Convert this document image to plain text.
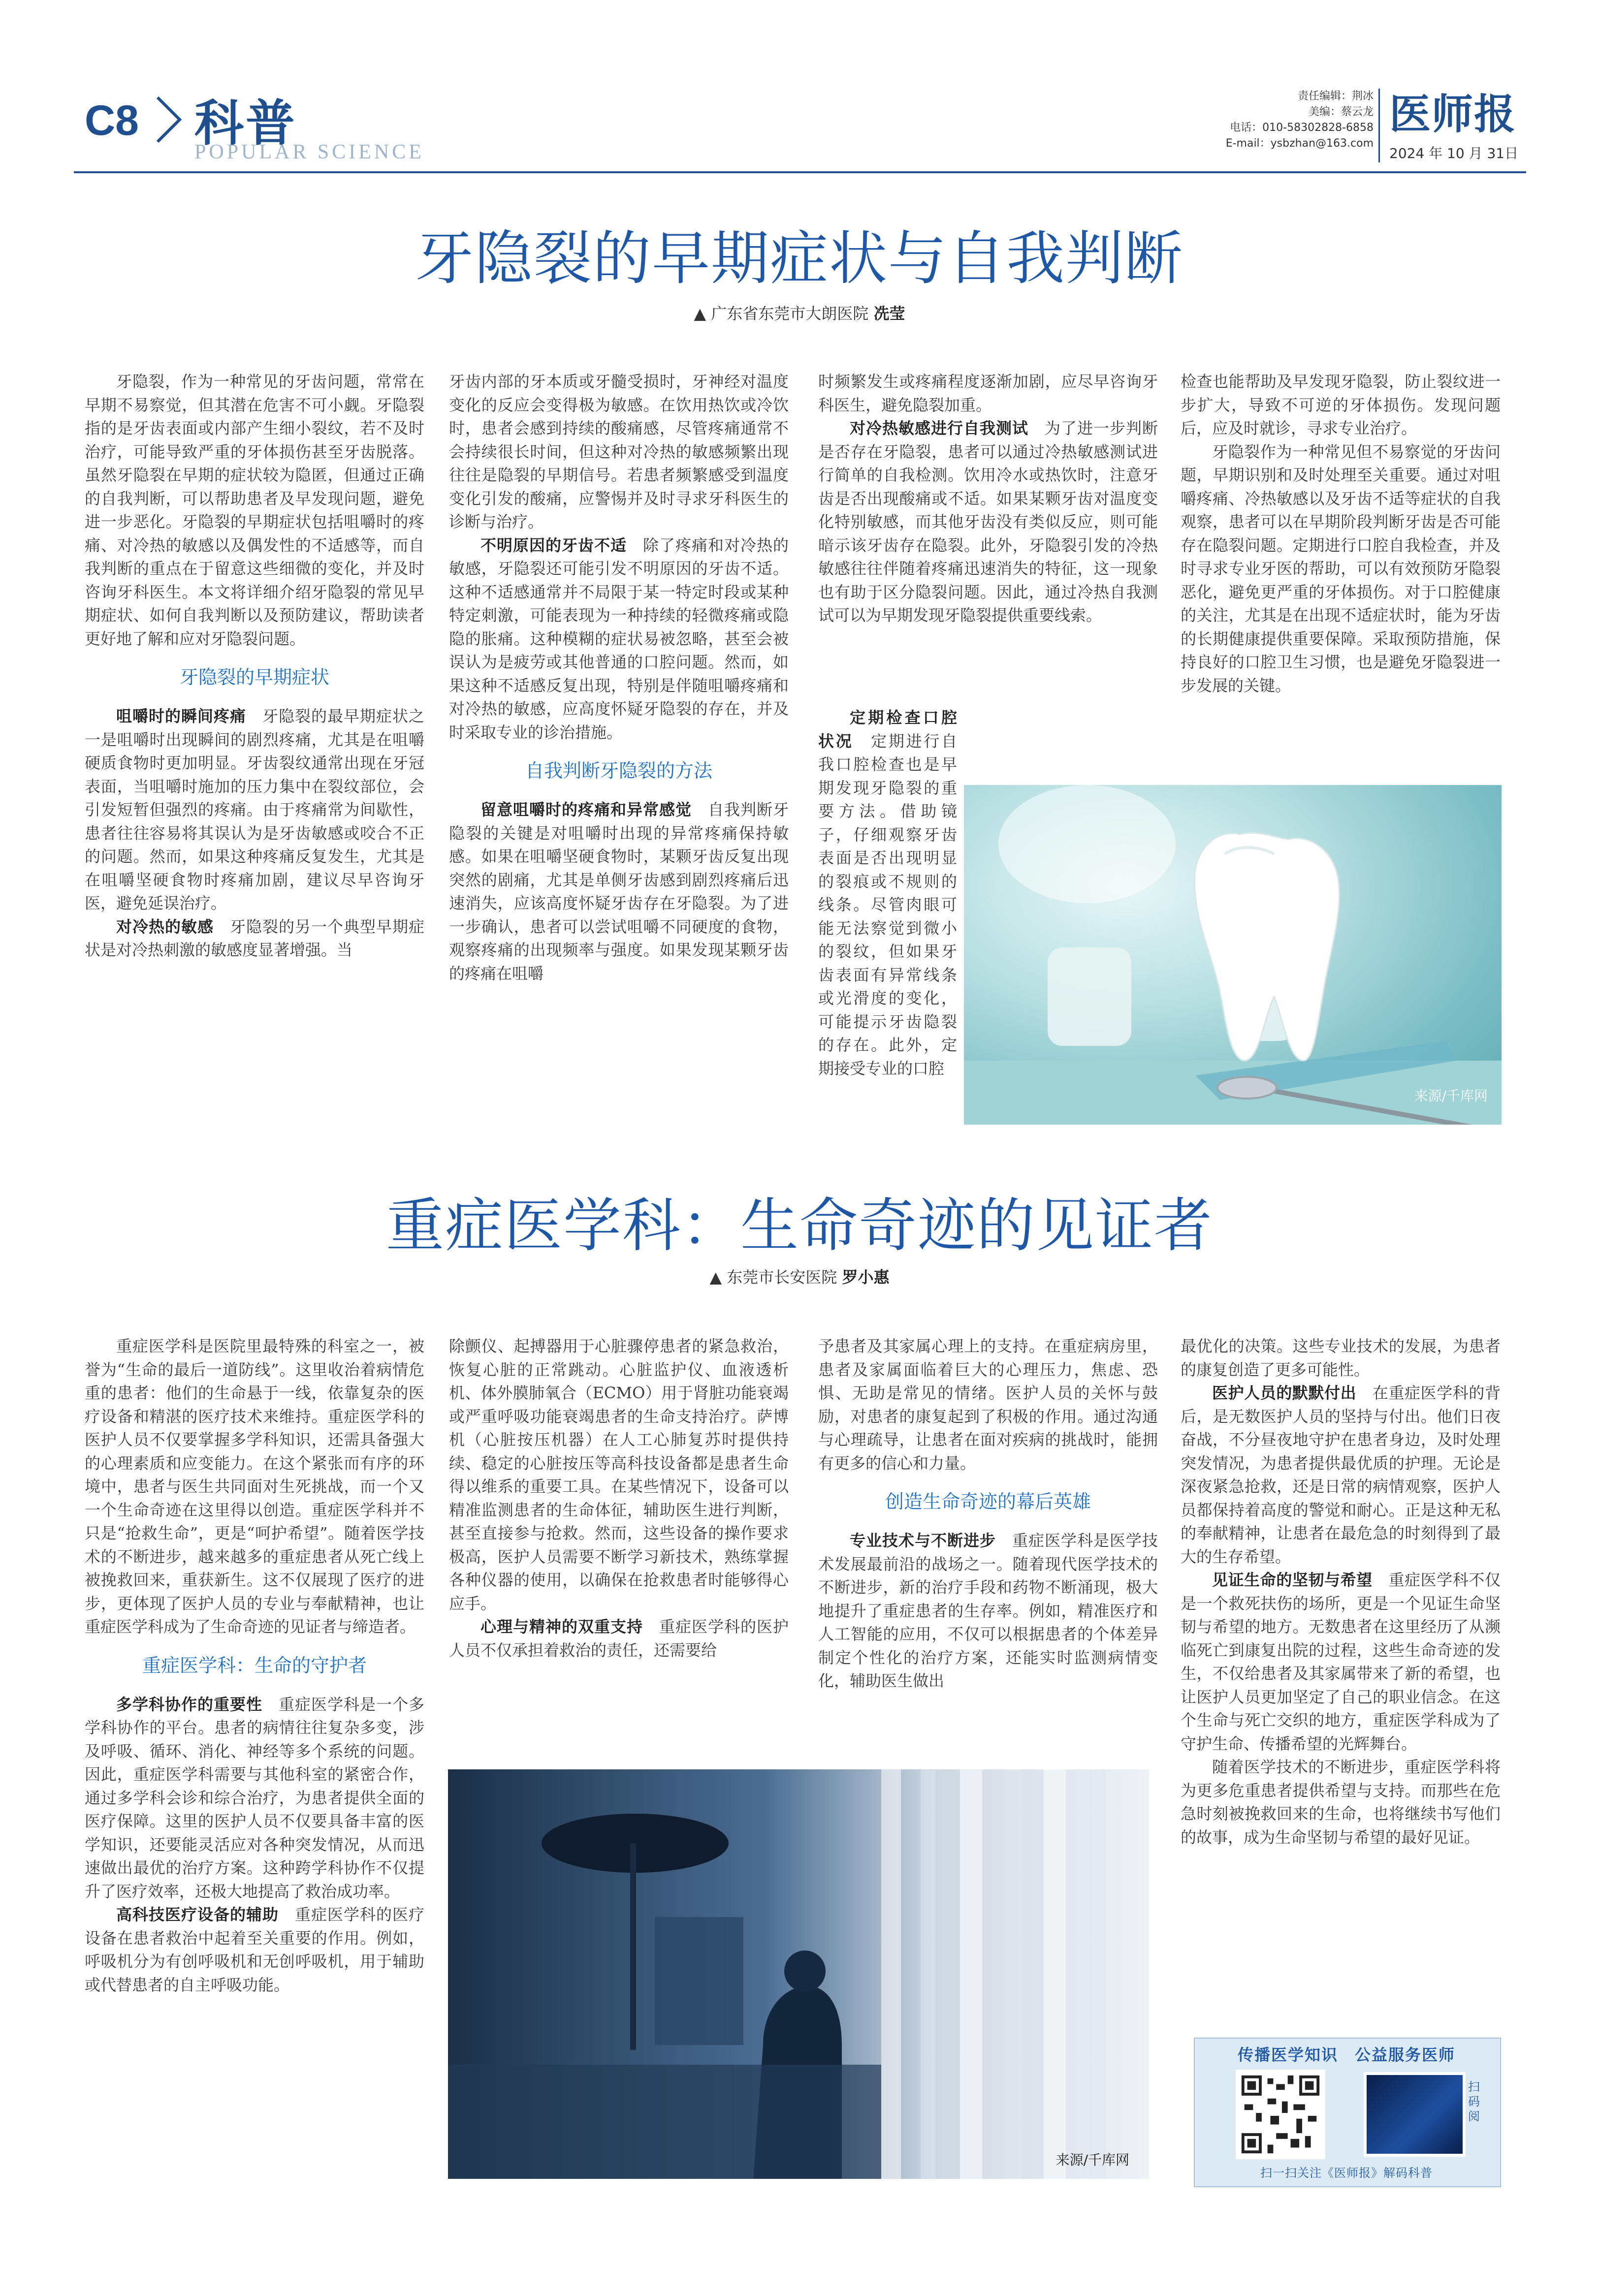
C8 科普
POPULAR SCIENCE
责任编辑：荆冰
美编：蔡云龙
电话：010-58302828-6858
E-mail：ysbzhan@163.com
医师报
2024 年 10 月 31日
牙隐裂的早期症状与自我判断
▲ 广东省东莞市大朗医院 冼莹

牙隐裂，作为一种常见的牙齿问题，常常在早期不易察觉，但其潜在危害不可小觑。牙隐裂指的是牙齿表面或内部产生细小裂纹，若不及时治疗，可能导致严重的牙体损伤甚至牙齿脱落。虽然牙隐裂在早期的症状较为隐匿，但通过正确的自我判断，可以帮助患者及早发现问题，避免进一步恶化。牙隐裂的早期症状包括咀嚼时的疼痛、对冷热的敏感以及偶发性的不适感等，而自我判断的重点在于留意这些细微的变化，并及时咨询牙科医生。本文将详细介绍牙隐裂的常见早期症状、如何自我判断以及预防建议，帮助读者更好地了解和应对牙隐裂问题。

牙隐裂的早期症状

咀嚼时的瞬间疼痛　 牙隐裂的最早期症状之一是咀嚼时出现瞬间的剧烈疼痛，尤其是在咀嚼硬质食物时更加明显。牙齿裂纹通常出现在牙冠表面，当咀嚼时施加的压力集中在裂纹部位，会引发短暂但强烈的疼痛。由于疼痛常为间歇性，患者往往容易将其误认为是牙齿敏感或咬合不正的问题。然而，如果这种疼痛反复发生，尤其是在咀嚼坚硬食物时疼痛加剧，建议尽早咨询牙医，避免延误治疗。

对冷热的敏感　 牙隐裂的另一个典型早期症状是对冷热刺激的敏感度显著增强。当

牙齿内部的牙本质或牙髓受损时，牙神经对温度变化的反应会变得极为敏感。在饮用热饮或冷饮时，患者会感到持续的酸痛感，尽管疼痛通常不会持续很长时间，但这种对冷热的敏感频繁出现往往是隐裂的早期信号。若患者频繁感受到温度变化引发的酸痛，应警惕并及时寻求牙科医生的诊断与治疗。

不明原因的牙齿不适　 除了疼痛和对冷热的敏感，牙隐裂还可能引发不明原因的牙齿不适。这种不适感通常并不局限于某一特定时段或某种特定刺激，可能表现为一种持续的轻微疼痛或隐隐的胀痛。这种模糊的症状易被忽略，甚至会被误认为是疲劳或其他普通的口腔问题。然而，如果这种不适感反复出现，特别是伴随咀嚼疼痛和对冷热的敏感，应高度怀疑牙隐裂的存在，并及时采取专业的诊治措施。

自我判断牙隐裂的方法

留意咀嚼时的疼痛和异常感觉　 自我判断牙隐裂的关键是对咀嚼时出现的异常疼痛保持敏感。如果在咀嚼坚硬食物时，某颗牙齿反复出现突然的剧痛，尤其是单侧牙齿感到剧烈疼痛后迅速消失，应该高度怀疑牙齿存在牙隐裂。为了进一步确认，患者可以尝试咀嚼不同硬度的食物，观察疼痛的出现频率与强度。如果发现某颗牙齿的疼痛在咀嚼

时频繁发生或疼痛程度逐渐加剧，应尽早咨询牙科医生，避免隐裂加重。

对冷热敏感进行自我测试　 为了进一步判断是否存在牙隐裂，患者可以通过冷热敏感测试进行简单的自我检测。饮用冷水或热饮时，注意牙齿是否出现酸痛或不适。如果某颗牙齿对温度变化特别敏感，而其他牙齿没有类似反应，则可能暗示该牙齿存在隐裂。此外，牙隐裂引发的冷热敏感往往伴随着疼痛迅速消失的特征，这一现象也有助于区分隐裂问题。因此，通过冷热自我测试可以为早期发现牙隐裂提供重要线索。

定期检查口腔状况　 定期进行自我口腔检查也是早期发现牙隐裂的重要方法。借助镜子，仔细观察牙齿表面是否出现明显的裂痕或不规则的线条。尽管肉眼可能无法察觉到微小的裂纹，但如果牙齿表面有异常线条或光滑度的变化，可能提示牙齿隐裂的存在。此外，定期接受专业的口腔

检查也能帮助及早发现牙隐裂，防止裂纹进一步扩大，导致不可逆的牙体损伤。发现问题后，应及时就诊，寻求专业治疗。

牙隐裂作为一种常见但不易察觉的牙齿问题，早期识别和及时处理至关重要。通过对咀嚼疼痛、冷热敏感以及牙齿不适等症状的自我观察，患者可以在早期阶段判断牙齿是否可能存在隐裂问题。定期进行口腔自我检查，并及时寻求专业牙医的帮助，可以有效预防牙隐裂恶化，避免更严重的牙体损伤。对于口腔健康的关注，尤其是在出现不适症状时，能为牙齿的长期健康提供重要保障。采取预防措施，保持良好的口腔卫生习惯，也是避免牙隐裂进一步发展的关键。

来源/千库网
重症医学科：生命奇迹的见证者
▲ 东莞市长安医院 罗小惠

重症医学科是医院里最特殊的科室之一，被誉为“生命的最后一道防线”。这里收治着病情危重的患者：他们的生命悬于一线，依靠复杂的医疗设备和精湛的医疗技术来维持。重症医学科的医护人员不仅要掌握多学科知识，还需具备强大的心理素质和应变能力。在这个紧张而有序的环境中，患者与医生共同面对生死挑战，而一个又一个生命奇迹在这里得以创造。重症医学科并不只是“抢救生命”，更是“呵护希望”。随着医学技术的不断进步，越来越多的重症患者从死亡线上被挽救回来，重获新生。这不仅展现了医疗的进步，更体现了医护人员的专业与奉献精神，也让重症医学科成为了生命奇迹的见证者与缔造者。

重症医学科：生命的守护者

多学科协作的重要性　 重症医学科是一个多学科协作的平台。患者的病情往往复杂多变，涉及呼吸、循环、消化、神经等多个系统的问题。因此，重症医学科需要与其他科室的紧密合作，通过多学科会诊和综合治疗，为患者提供全面的医疗保障。这里的医护人员不仅要具备丰富的医学知识，还要能灵活应对各种突发情况，从而迅速做出最优的治疗方案。这种跨学科协作不仅提升了医疗效率，还极大地提高了救治成功率。

高科技医疗设备的辅助　 重症医学科的医疗设备在患者救治中起着至关重要的作用。例如，呼吸机分为有创呼吸机和无创呼吸机，用于辅助或代替患者的自主呼吸功能。

除颤仪、起搏器用于心脏骤停患者的紧急救治，恢复心脏的正常跳动。心脏监护仪、血液透析机、体外膜肺氧合（ECMO）用于肾脏功能衰竭或严重呼吸功能衰竭患者的生命支持治疗。萨博机（心脏按压机器）在人工心肺复苏时提供持续、稳定的心脏按压等高科技设备都是患者生命得以维系的重要工具。在某些情况下，设备可以精准监测患者的生命体征，辅助医生进行判断，甚至直接参与抢救。然而，这些设备的操作要求极高，医护人员需要不断学习新技术，熟练掌握各种仪器的使用，以确保在抢救患者时能够得心应手。

心理与精神的双重支持　 重症医学科的医护人员不仅承担着救治的责任，还需要给

予患者及其家属心理上的支持。在重症病房里，患者及家属面临着巨大的心理压力，焦虑、恐惧、无助是常见的情绪。医护人员的关怀与鼓励，对患者的康复起到了积极的作用。通过沟通与心理疏导，让患者在面对疾病的挑战时，能拥有更多的信心和力量。

创造生命奇迹的幕后英雄

专业技术与不断进步　 重症医学科是医学技术发展最前沿的战场之一。随着现代医学技术的不断进步，新的治疗手段和药物不断涌现，极大地提升了重症患者的生存率。例如，精准医疗和人工智能的应用，不仅可以根据患者的个体差异制定个性化的治疗方案，还能实时监测病情变化，辅助医生做出

最优化的决策。这些专业技术的发展，为患者的康复创造了更多可能性。

医护人员的默默付出　 在重症医学科的背后，是无数医护人员的坚持与付出。他们日夜奋战，不分昼夜地守护在患者身边，及时处理突发情况，为患者提供最优质的护理。无论是深夜紧急抢救，还是日常的病情观察，医护人员都保持着高度的警觉和耐心。正是这种无私的奉献精神，让患者在最危急的时刻得到了最大的生存希望。

见证生命的坚韧与希望　 重症医学科不仅是一个救死扶伤的场所，更是一个见证生命坚韧与希望的地方。无数患者在这里经历了从濒临死亡到康复出院的过程，这些生命奇迹的发生，不仅给患者及其家属带来了新的希望，也让医护人员更加坚定了自己的职业信念。在这个生命与死亡交织的地方，重症医学科成为了守护生命、传播希望的光辉舞台。

随着医学技术的不断进步，重症医学科将为更多危重患者提供希望与支持。而那些在危急时刻被挽救回来的生命，也将继续书写他们的故事，成为生命坚韧与希望的最好见证。

来源/千库网
传播医学知识　公益服务医师
扫码阅
扫一扫关注《医师报》解码科普
